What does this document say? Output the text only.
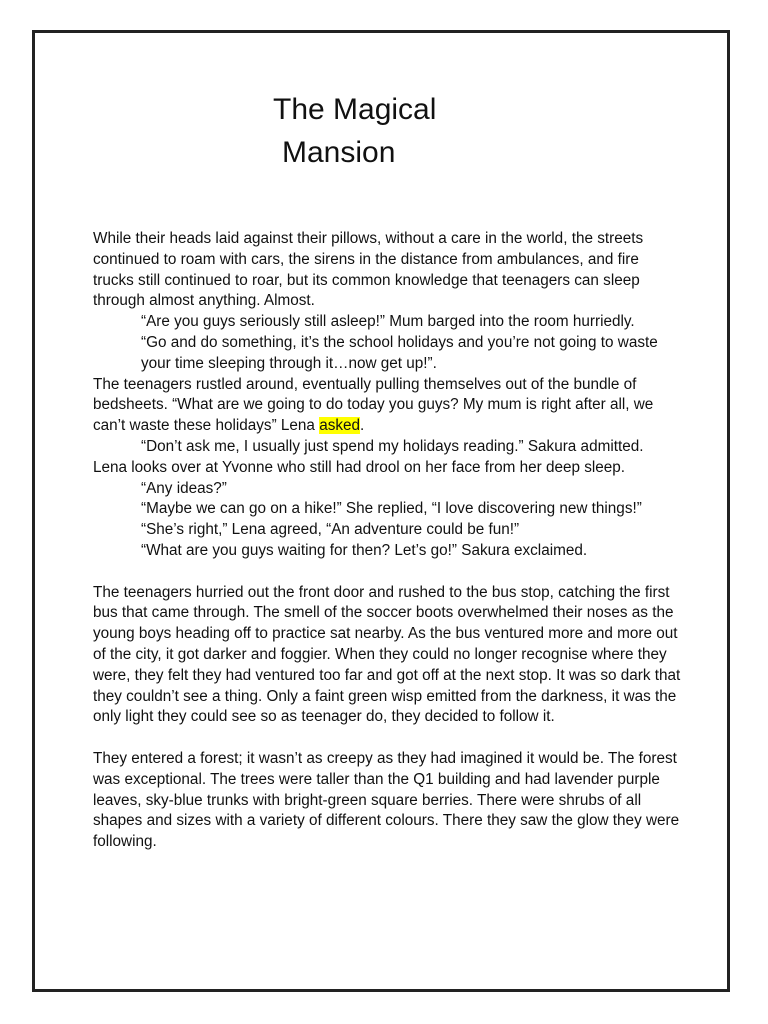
The Magical
Mansion

While their heads laid against their pillows, without a care in the world, the streets continued to roam with cars, the sirens in the distance from ambulances, and fire trucks still continued to roar, but its common knowledge that teenagers can sleep through almost anything. Almost.

“Are you guys seriously still asleep!” Mum barged into the room hurriedly.

“Go and do something, it’s the school holidays and you’re not going to waste your time sleeping through it…now get up!”.

The teenagers rustled around, eventually pulling themselves out of the bundle of bedsheets. “What are we going to do today you guys? My mum is right after all, we can’t waste these holidays” Lena asked.

“Don’t ask me, I usually just spend my holidays reading.” Sakura admitted.

Lena looks over at Yvonne who still had drool on her face from her deep sleep.

“Any ideas?”

“Maybe we can go on a hike!” She replied, “I love discovering new things!”

“She’s right,” Lena agreed, “An adventure could be fun!”

“What are you guys waiting for then? Let’s go!” Sakura exclaimed.

The teenagers hurried out the front door and rushed to the bus stop, catching the first bus that came through. The smell of the soccer boots overwhelmed their noses as the young boys heading off to practice sat nearby. As the bus ventured more and more out of the city, it got darker and foggier. When they could no longer recognise where they were, they felt they had ventured too far and got off at the next stop. It was so dark that they couldn’t see a thing. Only a faint green wisp emitted from the darkness, it was the only light they could see so as teenager do, they decided to follow it.

They entered a forest; it wasn’t as creepy as they had imagined it would be. The forest was exceptional. The trees were taller than the Q1 building and had lavender purple leaves, sky-blue trunks with bright-green square berries. There were shrubs of all shapes and sizes with a variety of different colours. There they saw the glow they were following.
